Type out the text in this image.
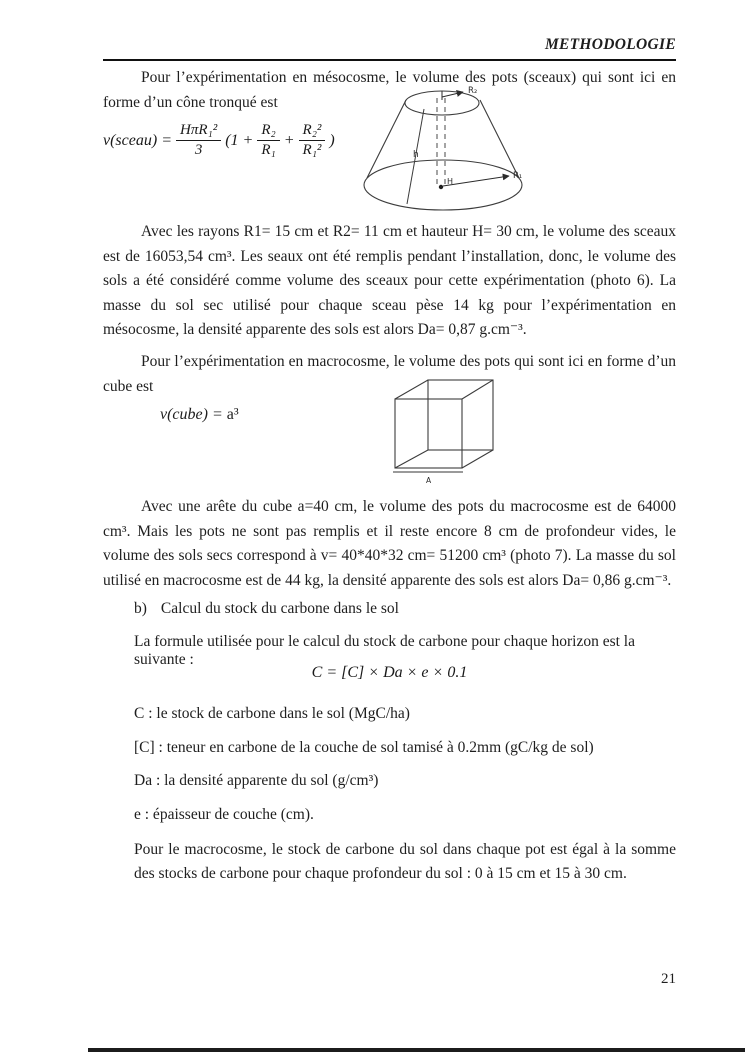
METHODOLOGIE
Pour l’expérimentation en mésocosme, le volume des pots (sceaux) qui sont ici en forme d’un cône tronqué est
h
H
R₂
R₁
v(sceau) = $\frac{\text{HπR₁²}}{3} (1 + \frac{\text{R₂}}{\text{R₁}} + \frac{\text{R₂²}}{\text{R₁²}}$ )
Avec les rayons R1= 15 cm et R2= 11 cm et hauteur H= 30 cm, le volume des sceaux est de 16053,54 cm³. Les seaux ont été remplis pendant l’installation, donc, le volume des sols a été considéré comme volume des sceaux pour cette expérimentation (photo 6). La masse du sol sec utilisé pour chaque sceau pèse 14 kg pour l’expérimentation en mésocosme, la densité apparente des sols est alors Da= 0,87 g.cm⁻³.
Pour l’expérimentation en macrocosme, le volume des pots qui sont ici en forme d’un cube est
v(cube) = a³
A
Avec une arête du cube a=40 cm, le volume des pots du macrocosme est de 64000 cm³. Mais les pots ne sont pas remplis et il reste encore 8 cm de profondeur vides, le volume des sols secs correspond à v= 40*40*32 cm= 51200 cm³ (photo 7). La masse du sol utilisé en macrocosme est de 44 kg, la densité apparente des sols est alors Da= 0,86 g.cm⁻³.
b) Calcul du stock du carbone dans le sol
La formule utilisée pour le calcul du stock de carbone pour chaque horizon est la suivante :
C = [C] × Da × e × 0.1
C : le stock de carbone dans le sol (MgC/ha)
[C] : teneur en carbone de la couche de sol tamisé à 0.2mm (gC/kg de sol)
Da : la densité apparente du sol (g/cm³)
e : épaisseur de couche (cm).
Pour le macrocosme, le stock de carbone du sol dans chaque pot est égal à la somme des stocks de carbone pour chaque profondeur du sol : 0 à 15 cm et 15 à 30 cm.
21
